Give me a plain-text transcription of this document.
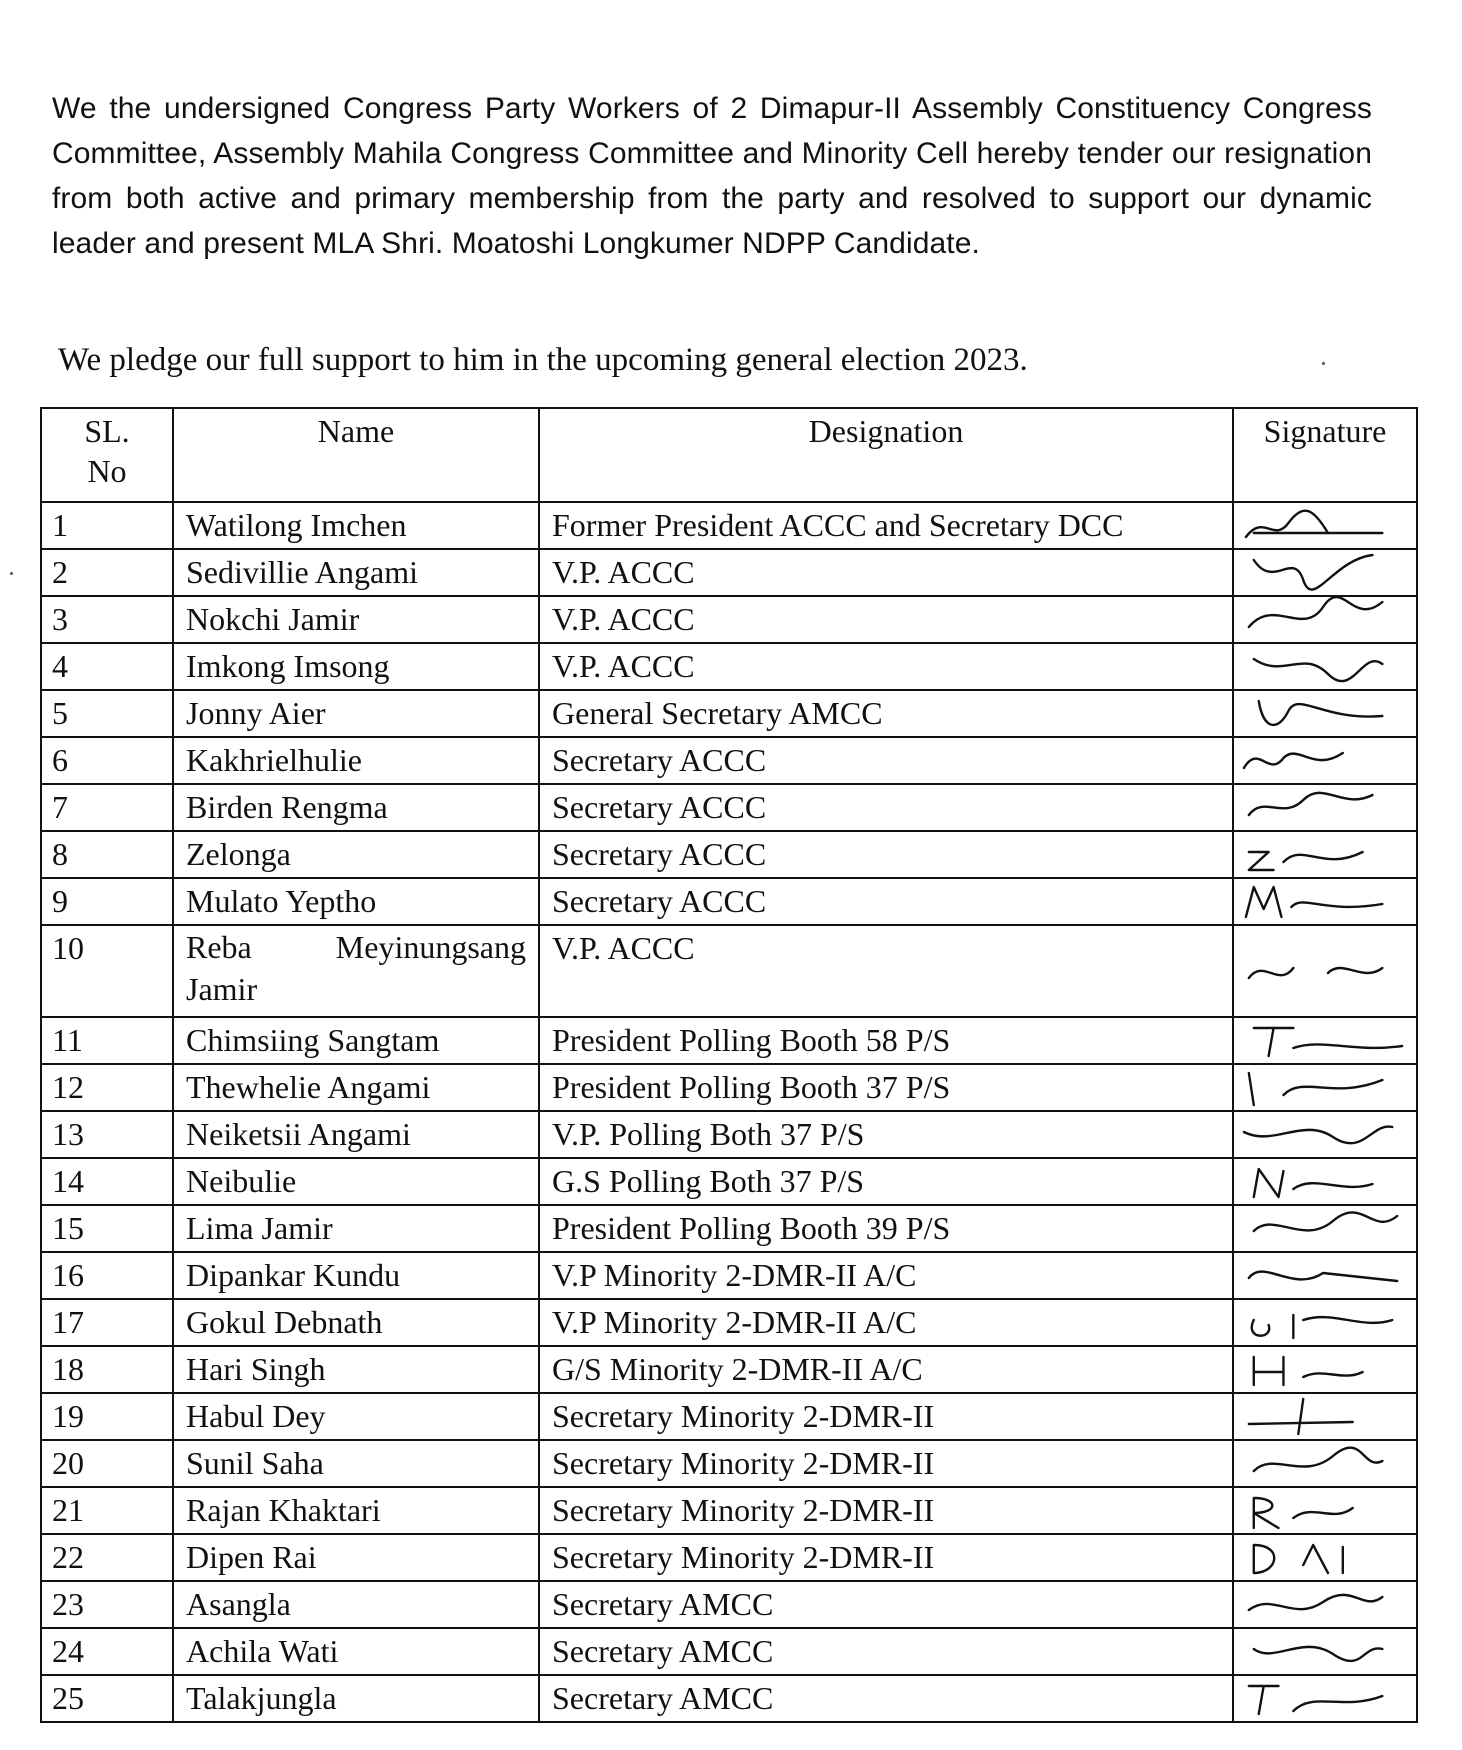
We the undersigned Congress Party Workers of 2 Dimapur-II Assembly Constituency Congress Committee, Assembly Mahila Congress Committee and Minority Cell hereby tender our resignation from both active and primary membership from the party and resolved to support our dynamic leader and present MLA Shri. Moatoshi Longkumer NDPP Candidate.

We pledge our full support to him in the upcoming general election 2023.

SL. No	Name	Designation	Signature
1	Watilong Imchen	Former President ACCC and Secretary DCC	

2	Sedivillie Angami	V.P. ACCC	

3	Nokchi Jamir	V.P. ACCC	

4	Imkong Imsong	V.P. ACCC	

5	Jonny Aier	General Secretary AMCC	

6	Kakhrielhulie	Secretary ACCC	

7	Birden Rengma	Secretary ACCC	

8	Zelonga	Secretary ACCC	

9	Mulato Yeptho	Secretary ACCC	

10	Reba Meyinungsang Jamir	V.P. ACCC	

11	Chimsiing Sangtam	President Polling Booth 58 P/S	

12	Thewhelie Angami	President Polling Booth 37 P/S	

13	Neiketsii Angami	V.P. Polling Both 37 P/S	

14	Neibulie	G.S Polling Both 37 P/S	

15	Lima Jamir	President Polling Booth 39 P/S	

16	Dipankar Kundu	V.P Minority 2-DMR-II A/C	

17	Gokul Debnath	V.P Minority 2-DMR-II A/C	

18	Hari Singh	G/S Minority 2-DMR-II A/C	

19	Habul Dey	Secretary Minority 2-DMR-II	

20	Sunil Saha	Secretary Minority 2-DMR-II	

21	Rajan Khaktari	Secretary Minority 2-DMR-II	

22	Dipen Rai	Secretary Minority 2-DMR-II	

23	Asangla	Secretary AMCC	

24	Achila Wati	Secretary AMCC	

25	Talakjungla	Secretary AMCC	
